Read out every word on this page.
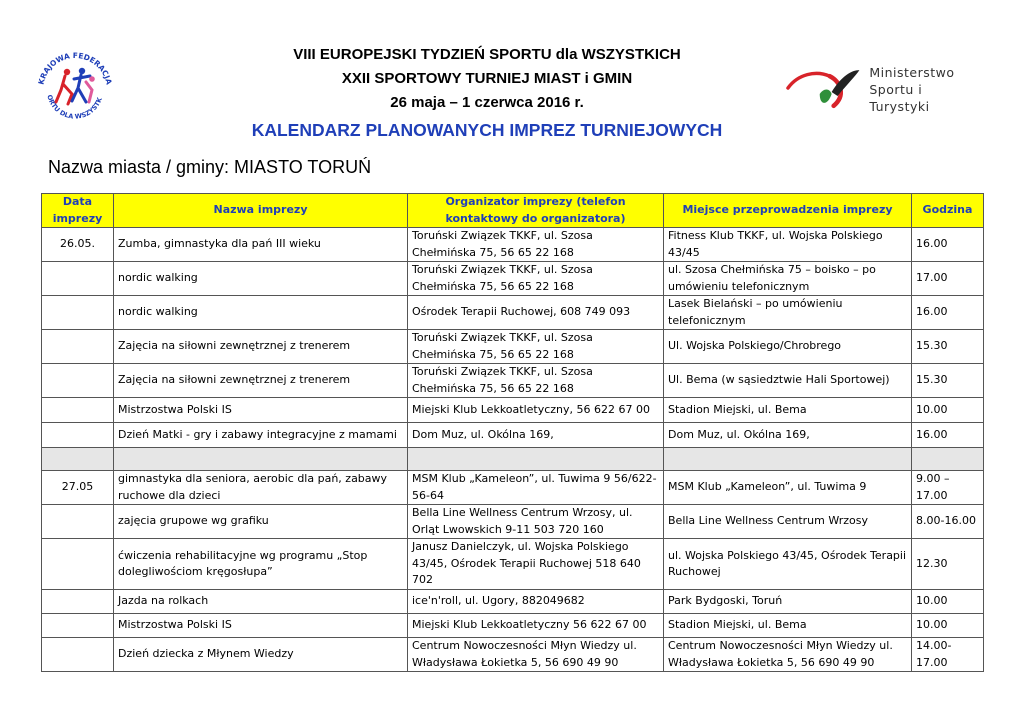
KRAJOWA FEDERACJA
ORTU DLA WSZYSTK
VIII EUROPEJSKI TYDZIEŃ SPORTU dla WSZYSTKICH
XXII SPORTOWY TURNIEJ MIAST i GMIN
26 maja – 1 czerwca 2016 r.
KALENDARZ PLANOWANYCH IMPREZ TURNIEJOWYCH
Ministerstwo
Sportu i Turystyki
Nazwa miasta / gminy: MIASTO TORUŃ
Data imprezy	Nazwa imprezy	Organizator imprezy (telefon kontaktowy do organizatora)	Miejsce przeprowadzenia imprezy	Godzina
26.05.	Zumba, gimnastyka dla pań III wieku	Toruński Związek TKKF, ul. Szosa Chełmińska 75, 56 65 22 168	Fitness Klub TKKF, ul. Wojska Polskiego 43/45	16.00
	nordic walking	Toruński Związek TKKF, ul. Szosa Chełmińska 75, 56 65 22 168	ul. Szosa Chełmińska 75 – boisko – po umówieniu telefonicznym	17.00
	nordic walking	Ośrodek Terapii Ruchowej, 608 749 093	Lasek Bielański – po umówieniu telefonicznym	16.00
	Zajęcia na siłowni zewnętrznej z trenerem	Toruński Związek TKKF, ul. Szosa Chełmińska 75, 56 65 22 168	Ul. Wojska Polskiego/Chrobrego	15.30
	Zajęcia na siłowni zewnętrznej z trenerem	Toruński Związek TKKF, ul. Szosa Chełmińska 75, 56 65 22 168	Ul. Bema (w sąsiedztwie Hali Sportowej)	15.30
	Mistrzostwa Polski IS	Miejski Klub Lekkoatletyczny, 56 622 67 00	Stadion Miejski, ul. Bema	10.00
	Dzień Matki - gry i zabawy integracyjne z mamami	Dom Muz, ul. Okólna 169,	Dom Muz, ul. Okólna 169,	16.00

27.05	gimnastyka dla seniora, aerobic dla pań, zabawy ruchowe dla dzieci	MSM Klub „Kameleon”, ul. Tuwima 9 56/622-56-64	MSM Klub „Kameleon”, ul. Tuwima 9	9.00 – 17.00
	zajęcia grupowe wg grafiku	Bella Line Wellness Centrum Wrzosy, ul. Orląt Lwowskich 9-11 503 720 160	Bella Line Wellness Centrum Wrzosy	8.00-16.00
	ćwiczenia rehabilitacyjne wg programu „Stop dolegliwościom kręgosłupa”	Janusz Danielczyk, ul. Wojska Polskiego 43/45, Ośrodek Terapii Ruchowej 518 640 702	ul. Wojska Polskiego 43/45, Ośrodek Terapii Ruchowej	12.30
	Jazda na rolkach	ice'n'roll, ul. Ugory, 882049682	Park Bydgoski, Toruń	10.00
	Mistrzostwa Polski IS	Miejski Klub Lekkoatletyczny 56 622 67 00	Stadion Miejski, ul. Bema	10.00
	Dzień dziecka z Młynem Wiedzy	Centrum Nowoczesności Młyn Wiedzy ul. Władysława Łokietka 5, 56 690 49 90	Centrum Nowoczesności Młyn Wiedzy ul. Władysława Łokietka 5, 56 690 49 90	14.00-17.00
